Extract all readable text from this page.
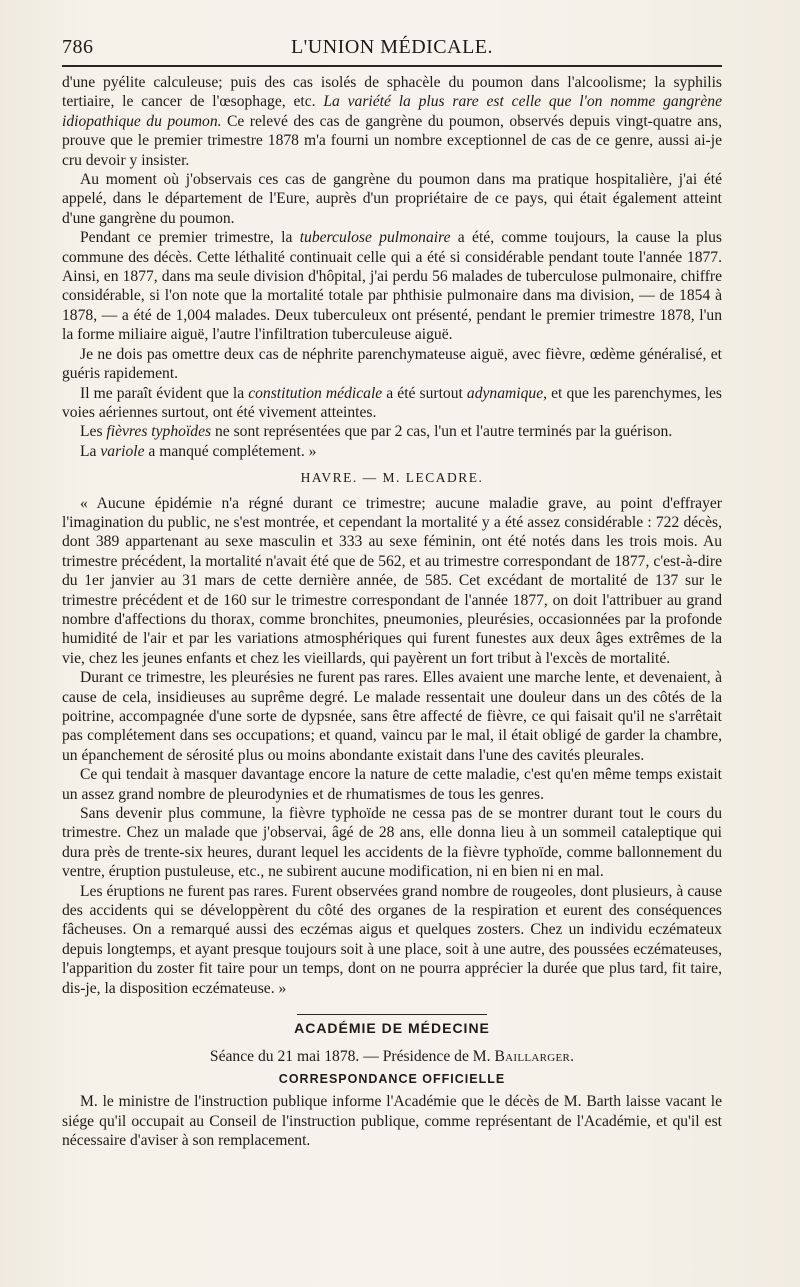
786	L'UNION MÉDICALE.

d'une pyélite calculeuse; puis des cas isolés de sphacèle du poumon dans l'alcoolisme; la syphilis tertiaire, le cancer de l'œsophage, etc. La variété la plus rare est celle que l'on nomme gangrène idiopathique du poumon. Ce relevé des cas de gangrène du poumon, observés depuis vingt-quatre ans, prouve que le premier trimestre 1878 m'a fourni un nombre exceptionnel de cas de ce genre, aussi ai-je cru devoir y insister.

Au moment où j'observais ces cas de gangrène du poumon dans ma pratique hospitalière, j'ai été appelé, dans le département de l'Eure, auprès d'un propriétaire de ce pays, qui était également atteint d'une gangrène du poumon.

Pendant ce premier trimestre, la tuberculose pulmonaire a été, comme toujours, la cause la plus commune des décès. Cette léthalité continuait celle qui a été si considérable pendant toute l'année 1877. Ainsi, en 1877, dans ma seule division d'hôpital, j'ai perdu 56 malades de tuberculose pulmonaire, chiffre considérable, si l'on note que la mortalité totale par phthisie pulmonaire dans ma division, — de 1854 à 1878, — a été de 1,004 malades. Deux tuberculeux ont présenté, pendant le premier trimestre 1878, l'un la forme miliaire aiguë, l'autre l'infiltration tuberculeuse aiguë.

Je ne dois pas omettre deux cas de néphrite parenchymateuse aiguë, avec fièvre, œdème généralisé, et guéris rapidement.

Il me paraît évident que la constitution médicale a été surtout adynamique, et que les parenchymes, les voies aériennes surtout, ont été vivement atteintes.

Les fièvres typhoïdes ne sont représentées que par 2 cas, l'un et l'autre terminés par la guérison.

La variole a manqué complétement. »

HAVRE. — M. LECADRE.

« Aucune épidémie n'a régné durant ce trimestre; aucune maladie grave, au point d'effrayer l'imagination du public, ne s'est montrée, et cependant la mortalité y a été assez considérable : 722 décès, dont 389 appartenant au sexe masculin et 333 au sexe féminin, ont été notés dans les trois mois. Au trimestre précédent, la mortalité n'avait été que de 562, et au trimestre correspondant de 1877, c'est-à-dire du 1er janvier au 31 mars de cette dernière année, de 585. Cet excédant de mortalité de 137 sur le trimestre précédent et de 160 sur le trimestre correspondant de l'année 1877, on doit l'attribuer au grand nombre d'affections du thorax, comme bronchites, pneumonies, pleurésies, occasionnées par la profonde humidité de l'air et par les variations atmosphériques qui furent funestes aux deux âges extrêmes de la vie, chez les jeunes enfants et chez les vieillards, qui payèrent un fort tribut à l'excès de mortalité.

Durant ce trimestre, les pleurésies ne furent pas rares. Elles avaient une marche lente, et devenaient, à cause de cela, insidieuses au suprême degré. Le malade ressentait une douleur dans un des côtés de la poitrine, accompagnée d'une sorte de dypsnée, sans être affecté de fièvre, ce qui faisait qu'il ne s'arrêtait pas complétement dans ses occupations; et quand, vaincu par le mal, il était obligé de garder la chambre, un épanchement de sérosité plus ou moins abondante existait dans l'une des cavités pleurales.

Ce qui tendait à masquer davantage encore la nature de cette maladie, c'est qu'en même temps existait un assez grand nombre de pleurodynies et de rhumatismes de tous les genres.

Sans devenir plus commune, la fièvre typhoïde ne cessa pas de se montrer durant tout le cours du trimestre. Chez un malade que j'observai, âgé de 28 ans, elle donna lieu à un sommeil cataleptique qui dura près de trente-six heures, durant lequel les accidents de la fièvre typhoïde, comme ballonnement du ventre, éruption pustuleuse, etc., ne subirent aucune modification, ni en bien ni en mal.

Les éruptions ne furent pas rares. Furent observées grand nombre de rougeoles, dont plusieurs, à cause des accidents qui se développèrent du côté des organes de la respiration et eurent des conséquences fâcheuses. On a remarqué aussi des eczémas aigus et quelques zosters. Chez un individu eczémateux depuis longtemps, et ayant presque toujours soit à une place, soit à une autre, des poussées eczémateuses, l'apparition du zoster fit taire pour un temps, dont on ne pourra apprécier la durée que plus tard, fit taire, dis-je, la disposition eczémateuse. »

ACADÉMIE DE MÉDECINE
Séance du 21 mai 1878. — Présidence de M. Baillarger.
CORRESPONDANCE OFFICIELLE

M. le ministre de l'instruction publique informe l'Académie que le décès de M. Barth laisse vacant le siége qu'il occupait au Conseil de l'instruction publique, comme représentant de l'Académie, et qu'il est nécessaire d'aviser à son remplacement.
